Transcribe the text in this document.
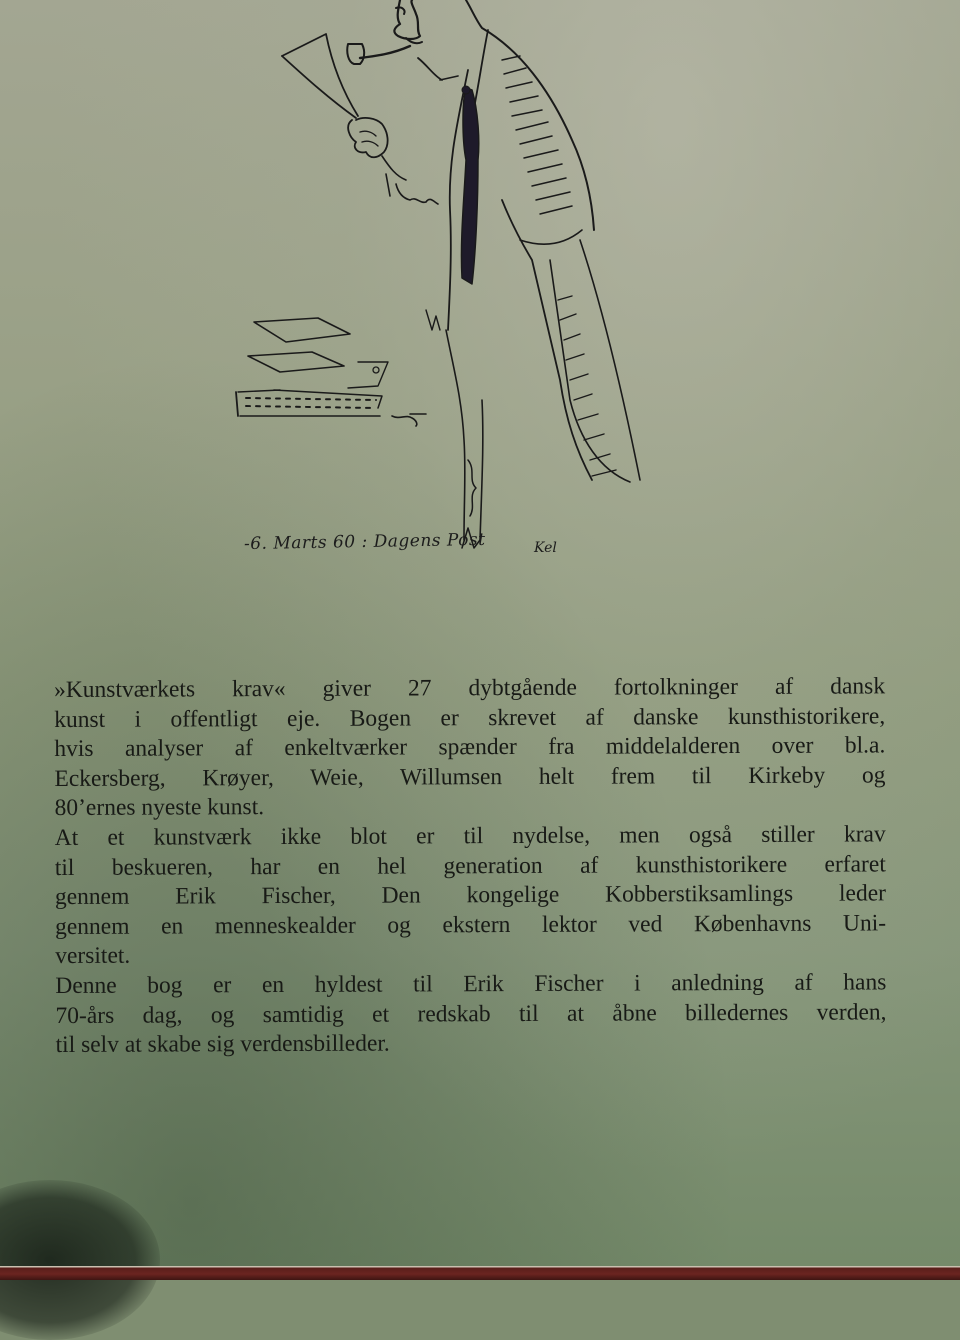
-6. Marts 60 : Dagens Post	Kel

»Kunstværkets krav« giver 27 dybtgående fortolkninger af dansk
kunst i offentligt eje. Bogen er skrevet af danske kunsthistorikere,
hvis analyser af enkeltværker spænder fra middelalderen over bl.a.
Eckersberg, Krøyer, Weie, Willumsen helt frem til Kirkeby og
80’ernes nyeste kunst.

At et kunstværk ikke blot er til nydelse, men også stiller krav
til beskueren, har en hel generation af kunsthistorikere erfaret
gennem Erik Fischer, Den kongelige Kobberstiksamlings leder
gennem en menneskealder og ekstern lektor ved Københavns Uni-
versitet.

Denne bog er en hyldest til Erik Fischer i anledning af hans
70-års dag, og samtidig et redskab til at åbne billedernes verden,
til selv at skabe sig verdensbilleder.
